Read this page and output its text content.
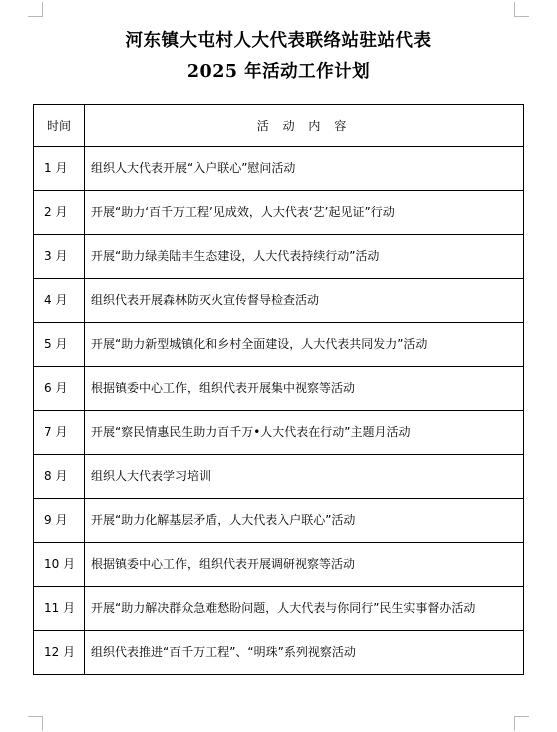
河东镇大屯村人大代表联络站驻站代表
2025 年活动工作计划
时间	活 动 内 容
1 月	组织人大代表开展“入户联心”慰问活动
2 月	开展“助力‘百千万工程’见成效，人大代表‘艺’起见证”行动
3 月	开展“助力绿美陆丰生态建设，人大代表持续行动”活动
4 月	组织代表开展森林防灭火宣传督导检查活动
5 月	开展“助力新型城镇化和乡村全面建设，人大代表共同发力”活动
6 月	根据镇委中心工作，组织代表开展集中视察等活动
7 月	开展“察民情惠民生助力百千万•人大代表在行动”主题月活动
8 月	组织人大代表学习培训
9 月	开展“助力化解基层矛盾，人大代表入户联心”活动
10 月	根据镇委中心工作，组织代表开展调研视察等活动
11 月	开展“助力解决群众急难愁盼问题，人大代表与你同行”民生实事督办活动
12 月	组织代表推进“百千万工程”、“明珠”系列视察活动
